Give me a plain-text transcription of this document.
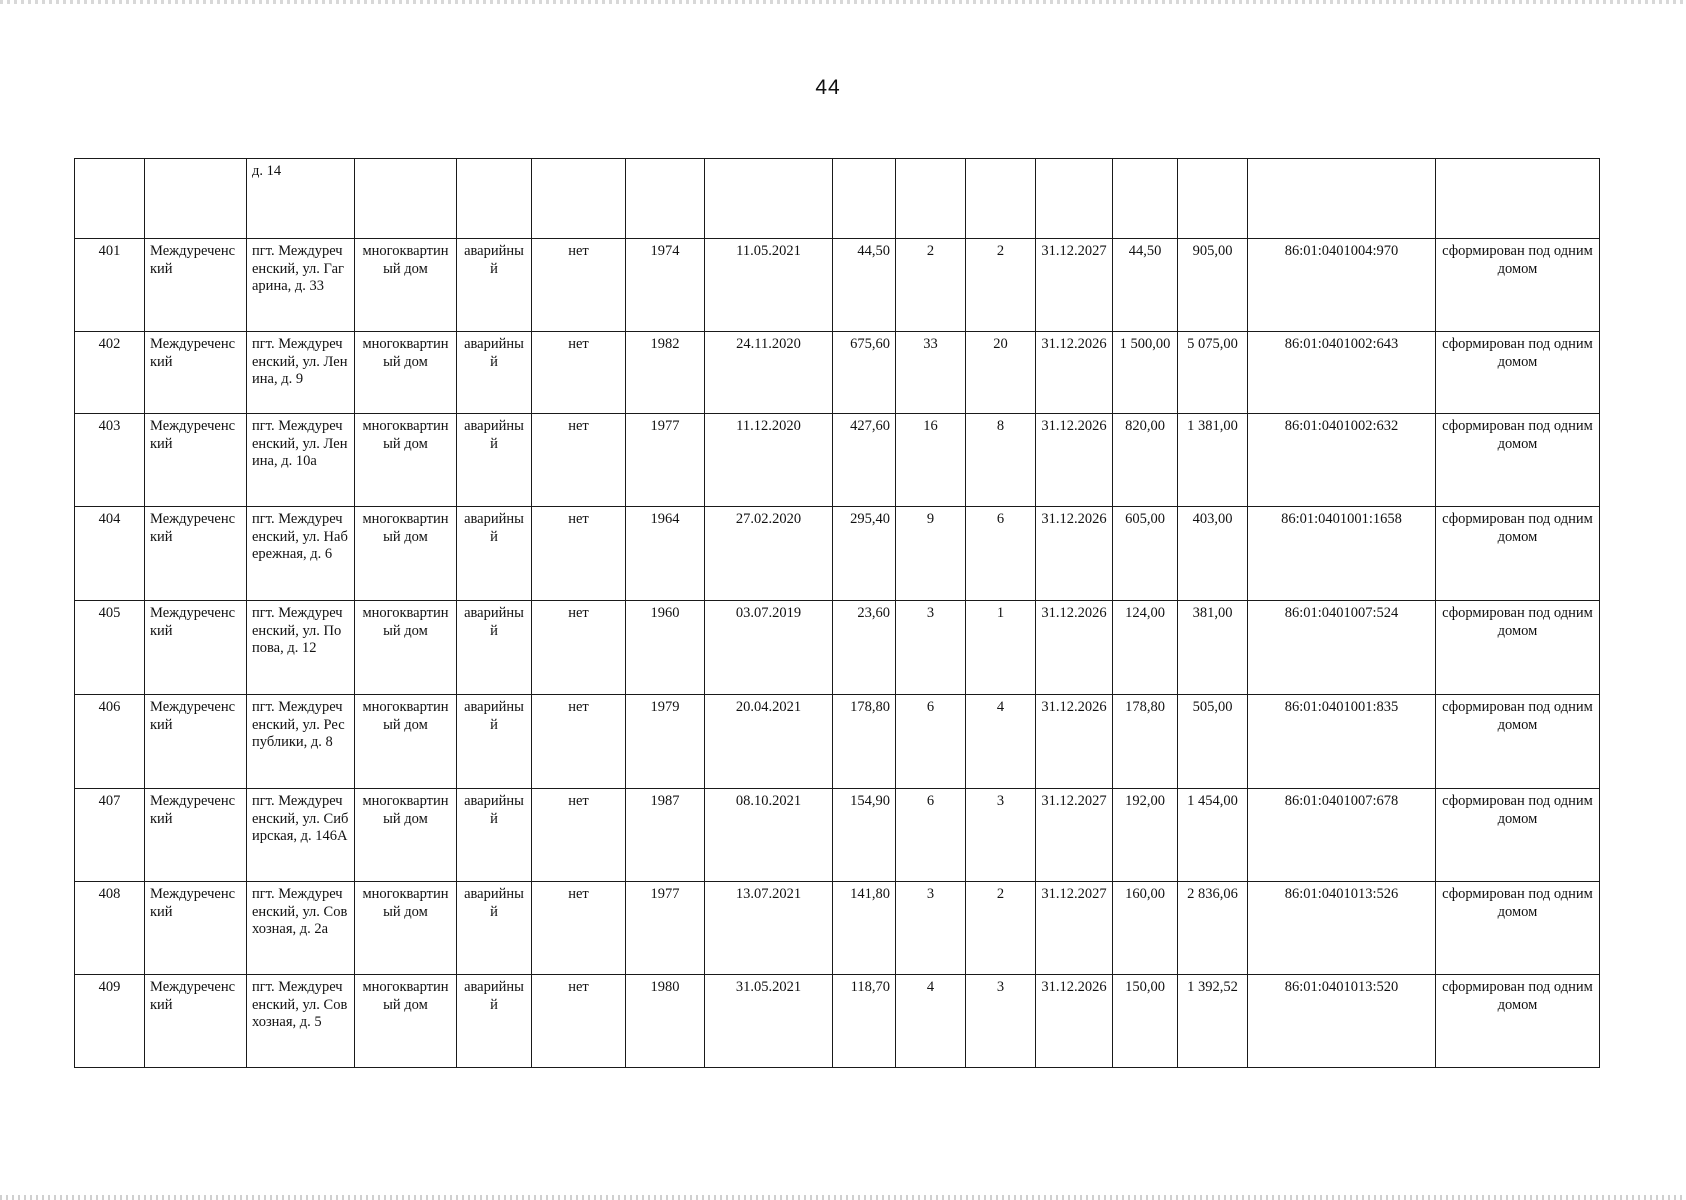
44
		д. 14													
401	Междуреченский	пгт. Междуреченский, ул. Гагарина, д. 33	многоквартиный дом	аварийный	нет	1974	11.05.2021	44,50	2	2	31.12.2027	44,50	905,00	86:01:0401004:970	сформирован под одним домом
402	Междуреченский	пгт. Междуреченский, ул. Ленина, д. 9	многоквартиный дом	аварийный	нет	1982	24.11.2020	675,60	33	20	31.12.2026	1 500,00	5 075,00	86:01:0401002:643	сформирован под одним домом
403	Междуреченский	пгт. Междуреченский, ул. Ленина, д. 10а	многоквартиный дом	аварийный	нет	1977	11.12.2020	427,60	16	8	31.12.2026	820,00	1 381,00	86:01:0401002:632	сформирован под одним домом
404	Междуреченский	пгт. Междуреченский, ул. Набережная, д. 6	многоквартиный дом	аварийный	нет	1964	27.02.2020	295,40	9	6	31.12.2026	605,00	403,00	86:01:0401001:1658	сформирован под одним домом
405	Междуреченский	пгт. Междуреченский, ул. Попова, д. 12	многоквартиный дом	аварийный	нет	1960	03.07.2019	23,60	3	1	31.12.2026	124,00	381,00	86:01:0401007:524	сформирован под одним домом
406	Междуреченский	пгт. Междуреченский, ул. Республики, д. 8	многоквартиный дом	аварийный	нет	1979	20.04.2021	178,80	6	4	31.12.2026	178,80	505,00	86:01:0401001:835	сформирован под одним домом
407	Междуреченский	пгт. Междуреченский, ул. Сибирская, д. 146А	многоквартиный дом	аварийный	нет	1987	08.10.2021	154,90	6	3	31.12.2027	192,00	1 454,00	86:01:0401007:678	сформирован под одним домом
408	Междуреченский	пгт. Междуреченский, ул. Совхозная, д. 2а	многоквартиный дом	аварийный	нет	1977	13.07.2021	141,80	3	2	31.12.2027	160,00	2 836,06	86:01:0401013:526	сформирован под одним домом
409	Междуреченский	пгт. Междуреченский, ул. Совхозная, д. 5	многоквартиный дом	аварийный	нет	1980	31.05.2021	118,70	4	3	31.12.2026	150,00	1 392,52	86:01:0401013:520	сформирован под одним домом
